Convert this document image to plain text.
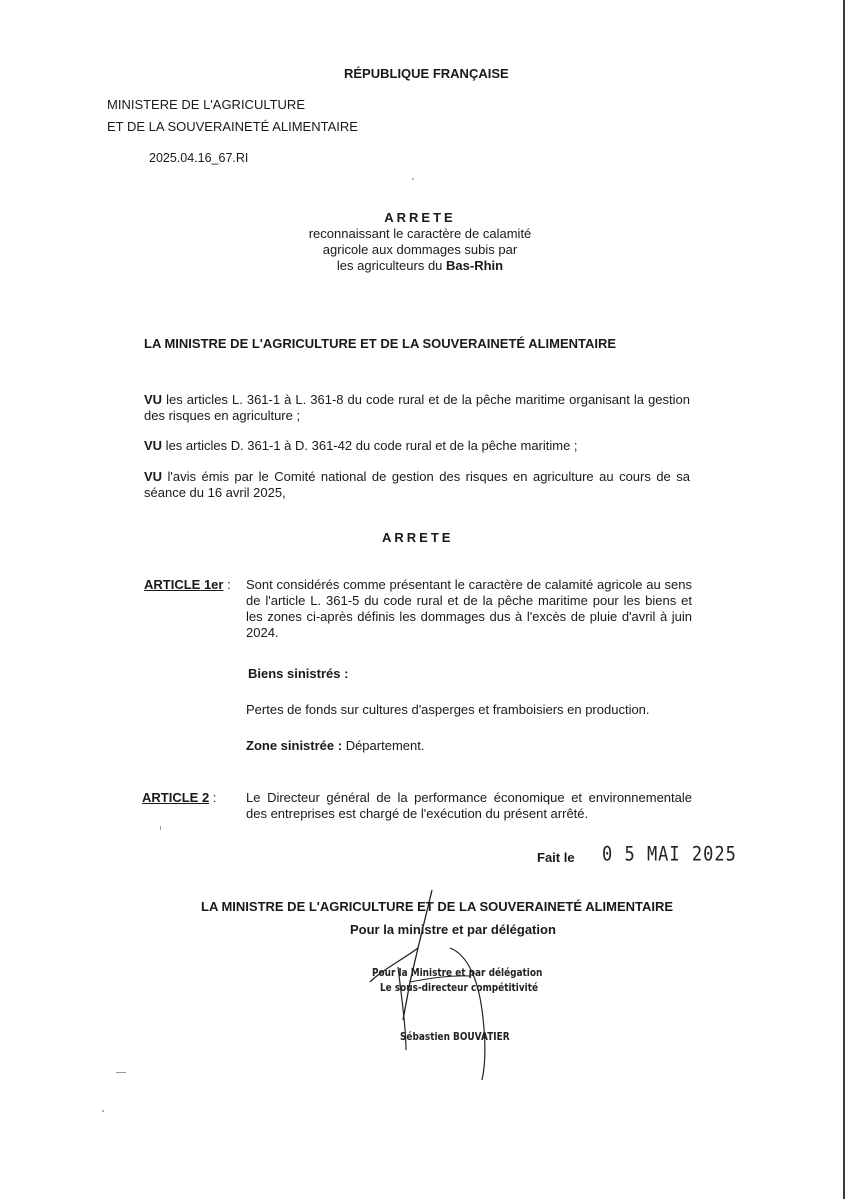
RÉPUBLIQUE FRANÇAISE
MINISTERE DE L'AGRICULTURE
ET DE LA SOUVERAINETÉ ALIMENTAIRE
2025.04.16_67.RI
ARRETE
reconnaissant le caractère de calamité
agricole aux dommages subis par
les agriculteurs du Bas-Rhin
LA MINISTRE DE L'AGRICULTURE ET DE LA SOUVERAINETÉ ALIMENTAIRE
VU les articles L. 361-1 à L. 361-8 du code rural et de la pêche maritime organisant la gestion des risques en agriculture ;
VU les articles D. 361-1 à D. 361-42 du code rural et de la pêche maritime ;
VU l'avis émis par le Comité national de gestion des risques en agriculture au cours de sa séance du 16 avril 2025,
ARRETE
ARTICLE 1er : Sont considérés comme présentant le caractère de calamité agricole au sens de l'article L. 361-5 du code rural et de la pêche maritime pour les biens et les zones ci-après définis les dommages dus à l'excès de pluie d'avril à juin 2024.
Biens sinistrés :
Pertes de fonds sur cultures d'asperges et framboisiers en production.
Zone sinistrée : Département.
ARTICLE 2 : Le Directeur général de la performance économique et environnementale des entreprises est chargé de l'exécution du présent arrêté.
Fait le 0 5 MAI 2025
LA MINISTRE DE L'AGRICULTURE ET DE LA SOUVERAINETÉ ALIMENTAIRE
Pour la ministre et par délégation
Pour la Ministre et par délégation
Le sous-directeur compétitivité
Sébastien BOUVATIER
